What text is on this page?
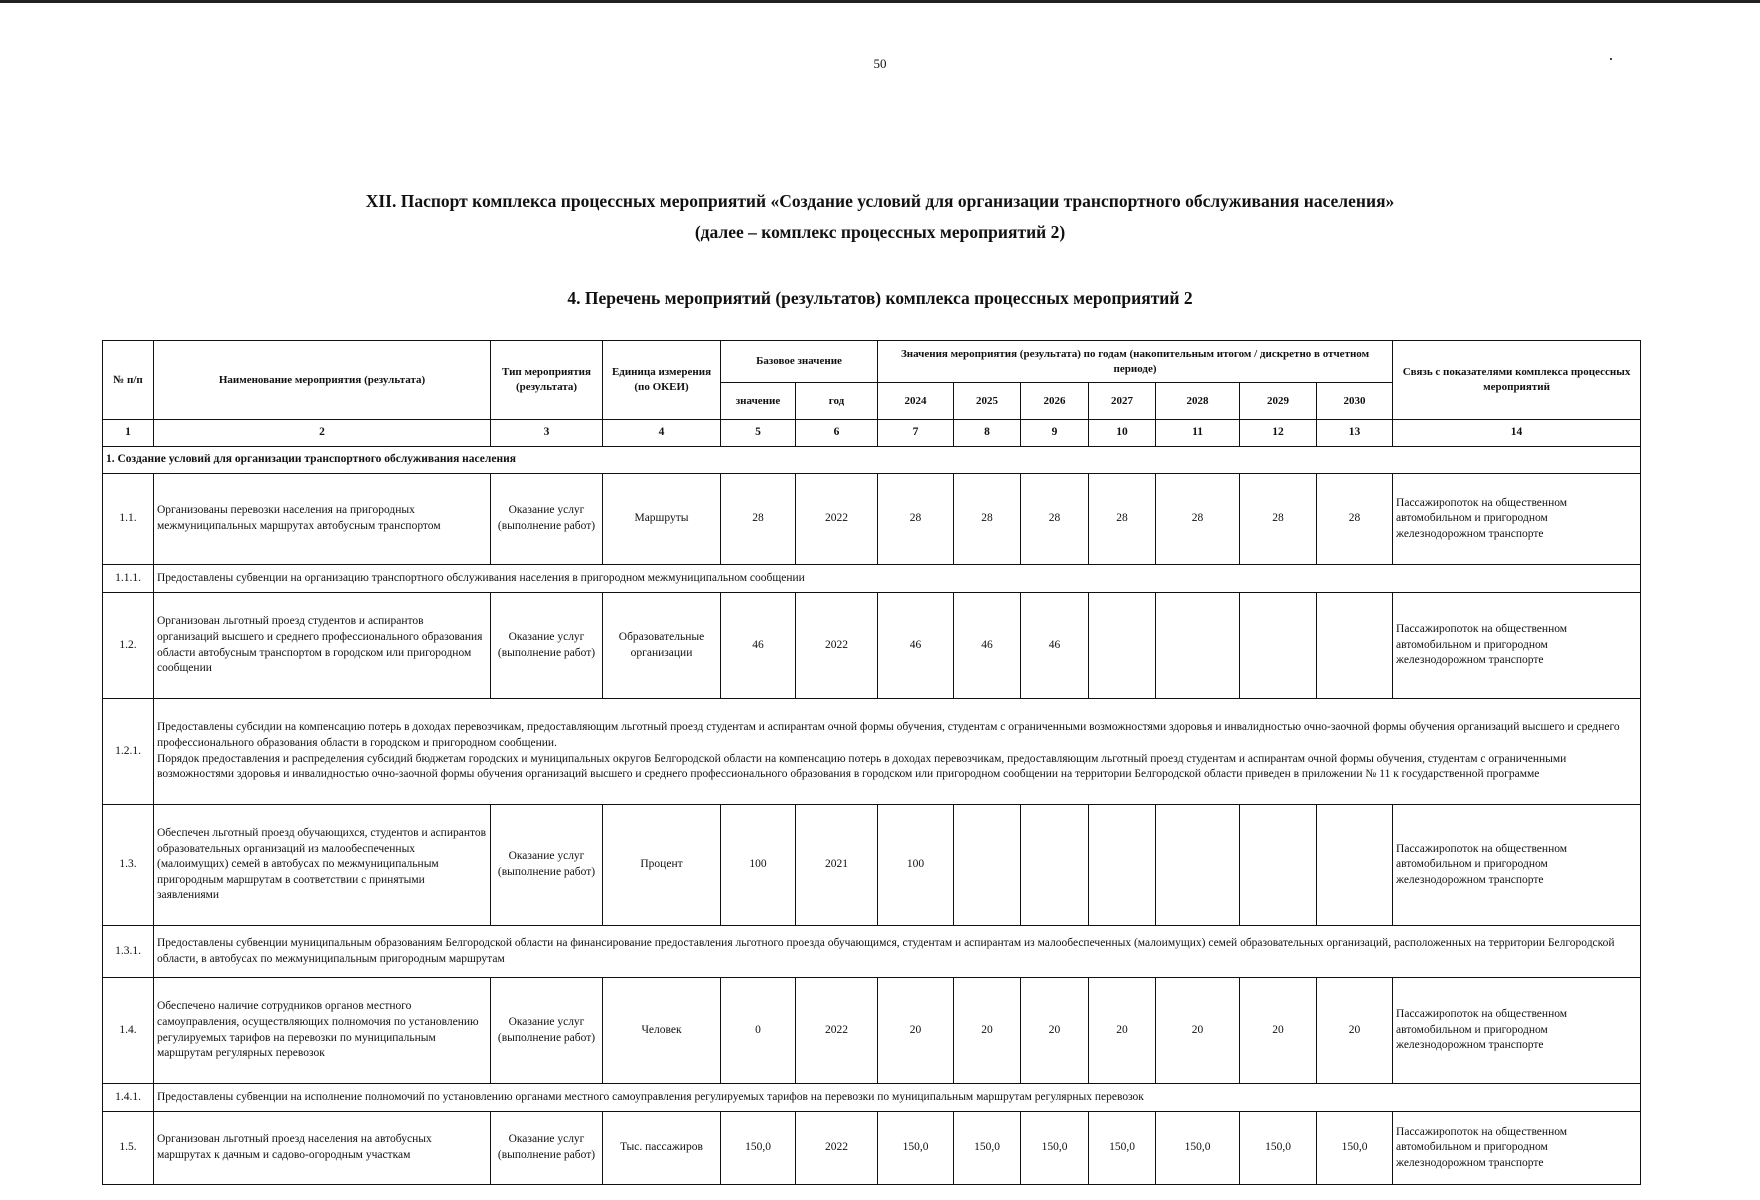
50
XII. Паспорт комплекса процессных мероприятий «Создание условий для организации транспортного обслуживания населения»
(далее – комплекс процессных мероприятий 2)
4. Перечень мероприятий (результатов) комплекса процессных мероприятий 2
№ п/п	Наименование мероприятия (результата)	Тип мероприятия (результата)	Единица измерения (по ОКЕИ)	Базовое значение		Значения мероприятия (результата) по годам (накопительным итогом / дискретно в отчетном периоде)							Связь с показателями комплекса процессных мероприятий
				значение	год	2024	2025	2026	2027	2028	2029	2030	
1	2	3	4	5	6	7	8	9	10	11	12	13	14
1. Создание условий для организации транспортного обслуживания населения													
1.1.	Организованы перевозки населения на пригородных межмуниципальных маршрутах автобусным транспортом	Оказание услуг (выполнение работ)	Маршруты	28	2022	28	28	28	28	28	28	28	Пассажиропоток на общественном автомобильном и пригородном железнодорожном транспорте
1.1.1.	Предоставлены субвенции на организацию транспортного обслуживания населения в пригородном межмуниципальном сообщении												
1.2.	Организован льготный проезд студентов и аспирантов организаций высшего и среднего профессионального образования области автобусным транспортом в городском или пригородном сообщении	Оказание услуг (выполнение работ)	Образовательные организации	46	2022	46	46	46					Пассажиропоток на общественном автомобильном и пригородном железнодорожном транспорте
1.2.1.	Предоставлены субсидии на компенсацию потерь в доходах перевозчикам, предоставляющим льготный проезд студентам и аспирантам очной формы обучения, студентам с ограниченными возможностями здоровья и инвалидностью очно-заочной формы обучения организаций высшего и среднего профессионального образования области в городском и пригородном сообщении.
Порядок предоставления и распределения субсидий бюджетам городских и муниципальных округов Белгородской области на компенсацию потерь в доходах перевозчикам, предоставляющим льготный проезд студентам и аспирантам очной формы обучения, студентам с ограниченными возможностями здоровья и инвалидностью очно-заочной формы обучения организаций высшего и среднего профессионального образования в городском или пригородном сообщении на территории Белгородской области приведен в приложении № 11 к государственной программе												

1.3.	Обеспечен льготный проезд обучающихся, студентов и аспирантов образовательных организаций из малообеспеченных (малоимущих) семей в автобусах по межмуниципальным пригородным маршрутам в соответствии с принятыми заявлениями	Оказание услуг (выполнение работ)	Процент	100	2021	100							Пассажиропоток на общественном автомобильном и пригородном железнодорожном транспорте
1.3.1.	Предоставлены субвенции муниципальным образованиям Белгородской области на финансирование предоставления льготного проезда обучающимся, студентам и аспирантам из малообеспеченных (малоимущих) семей образовательных организаций, расположенных на территории Белгородской области, в автобусах по межмуниципальным пригородным маршрутам												
1.4.	Обеспечено наличие сотрудников органов местного самоуправления, осуществляющих полномочия по установлению регулируемых тарифов на перевозки по муниципальным маршрутам регулярных перевозок	Оказание услуг (выполнение работ)	Человек	0	2022	20	20	20	20	20	20	20	Пассажиропоток на общественном автомобильном и пригородном железнодорожном транспорте
1.4.1.	Предоставлены субвенции на исполнение полномочий по установлению органами местного самоуправления регулируемых тарифов на перевозки по муниципальным маршрутам регулярных перевозок												
1.5.	Организован льготный проезд населения на автобусных маршрутах к дачным и садово-огородным участкам	Оказание услуг (выполнение работ)	Тыс. пассажиров	150,0	2022	150,0	150,0	150,0	150,0	150,0	150,0	150,0	Пассажиропоток на общественном автомобильном и пригородном железнодорожном транспорте
